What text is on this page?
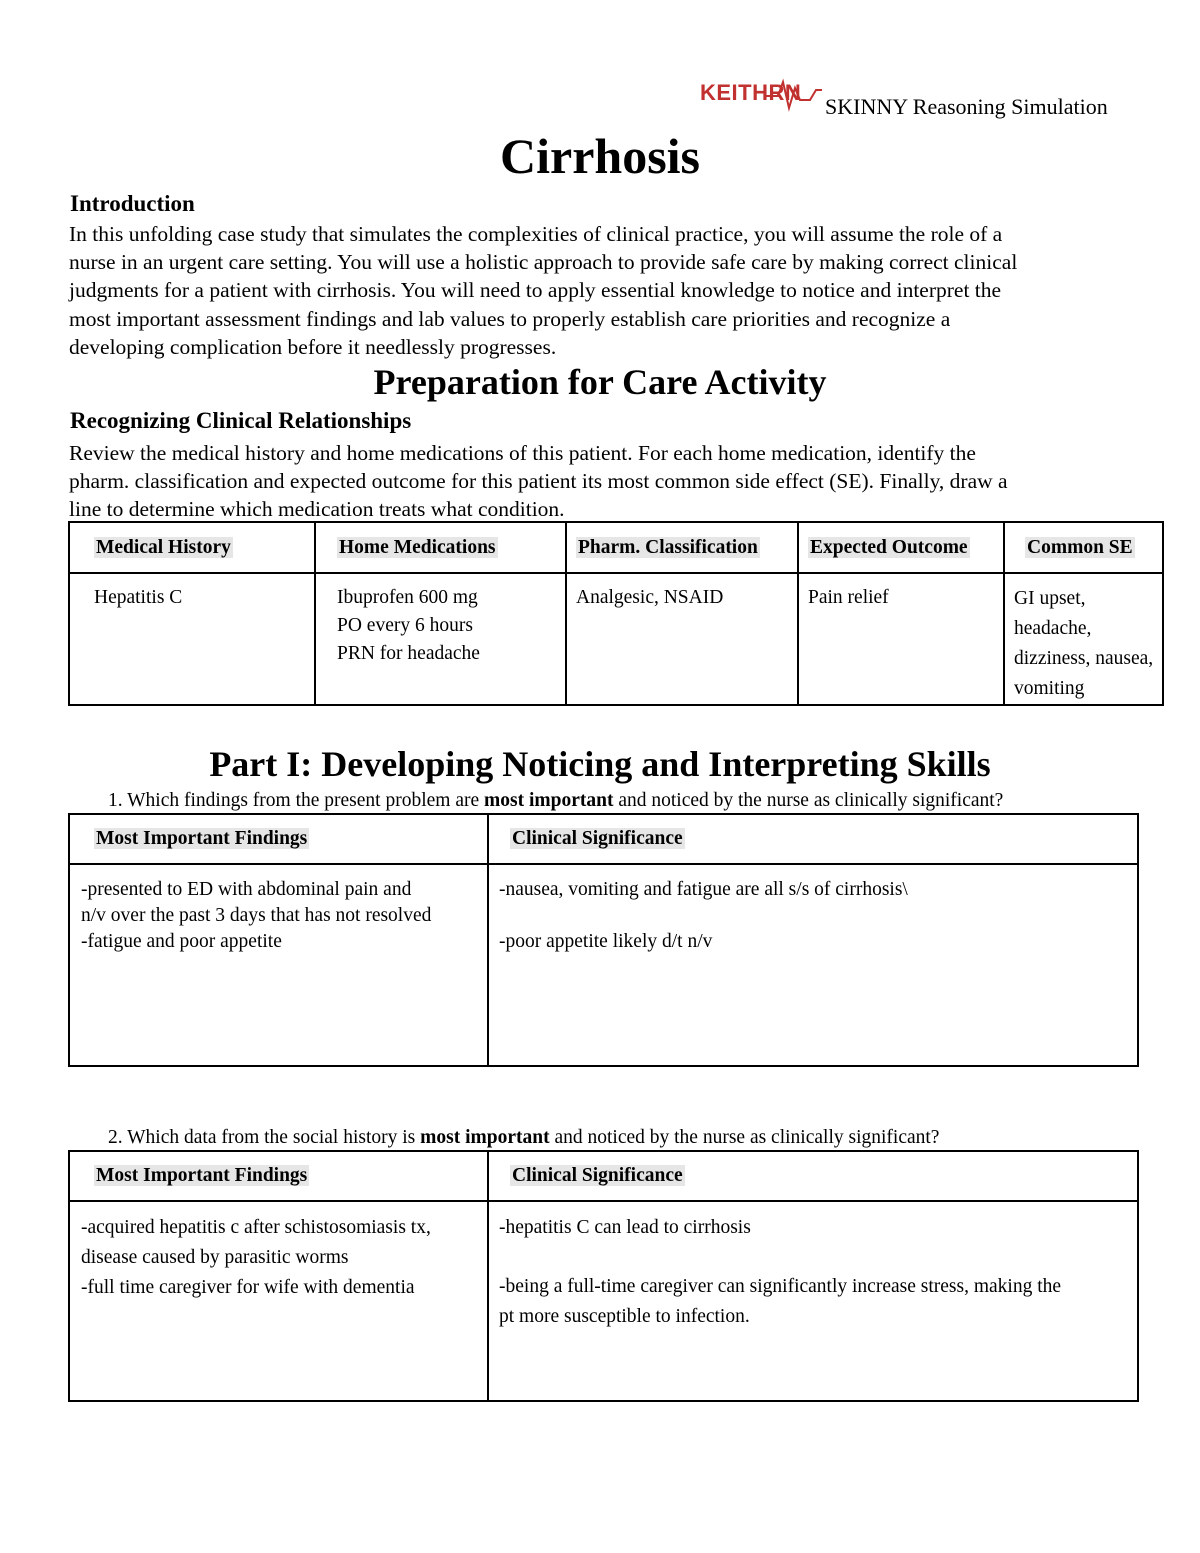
KEITHRN
SKINNY Reasoning Simulation
Cirrhosis
Introduction
In this unfolding case study that simulates the complexities of clinical practice, you will assume the role of a
nurse in an urgent care setting. You will use a holistic approach to provide safe care by making correct clinical
judgments for a patient with cirrhosis. You will need to apply essential knowledge to notice and interpret the
most important assessment findings and lab values to properly establish care priorities and recognize a
developing complication before it needlessly progresses.
Preparation for Care Activity
Recognizing Clinical Relationships
Review the medical history and home medications of this patient. For each home medication, identify the
pharm. classification and expected outcome for this patient its most common side effect (SE). Finally, draw a
line to determine which medication treats what condition.
Medical History	Home Medications	Pharm. Classification	Expected Outcome	Common SE
Hepatitis C	Ibuprofen 600 mg
PO every 6 hours
PRN for headache	Analgesic, NSAID	Pain relief	GI upset, headache,
dizziness, nausea,
vomiting
Part I: Developing Noticing and Interpreting Skills
1. Which findings from the present problem are most important and noticed by the nurse as clinically significant?
Most Important Findings	Clinical Significance
-presented to ED with abdominal pain and
n/v over the past 3 days that has not resolved
-fatigue and poor appetite	-nausea, vomiting and fatigue are all s/s of cirrhosis\

-poor appetite likely d/t n/v
2. Which data from the social history is most important and noticed by the nurse as clinically significant?
Most Important Findings	Clinical Significance
-acquired hepatitis c after schistosomiasis tx,
disease caused by parasitic worms
-full time caregiver for wife with dementia	-hepatitis C can lead to cirrhosis

-being a full-time caregiver can significantly increase stress, making the
pt more susceptible to infection.
